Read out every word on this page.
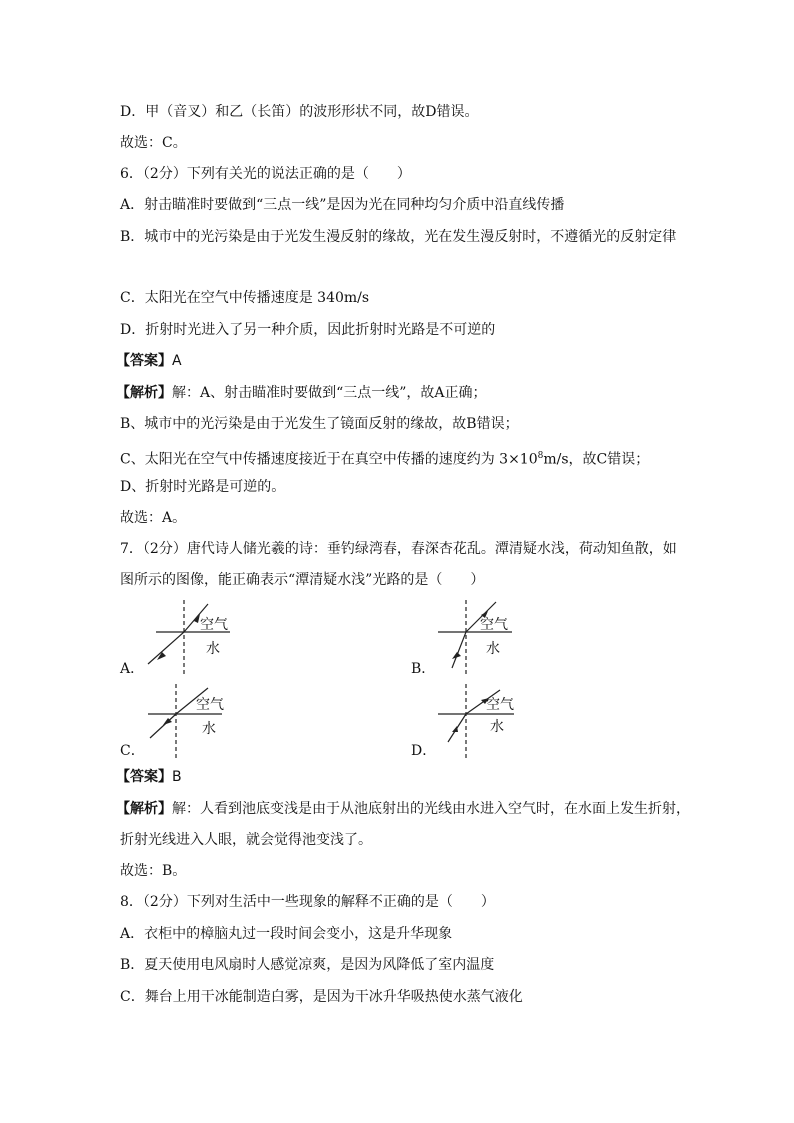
D．甲（音叉）和乙（长笛）的波形形状不同，故D错误。
故选：C。
6．（2分）下列有关光的说法正确的是（　　）
A．射击瞄准时要做到“三点一线”是因为光在同种均匀介质中沿直线传播
B．城市中的光污染是由于光发生漫反射的缘故，光在发生漫反射时，不遵循光的反射定律
C．太阳光在空气中传播速度是 340m/s
D．折射时光进入了另一种介质，因此折射时光路是不可逆的
【答案】A
【解析】解：A、射击瞄准时要做到“三点一线”，故A正确；
B、城市中的光污染是由于光发生了镜面反射的缘故，故B错误；
C、太阳光在空气中传播速度接近于在真空中传播的速度约为 $3\times 10^8m/s$，故C错误；
D、折射时光路是可逆的。
故选：A。
7．（2分）唐代诗人储光羲的诗：垂钓绿湾春，春深杏花乱。潭清疑水浅，荷动知鱼散，如
图所示的图像，能正确表示“潭清疑水浅”光路的是（　　）
A．
空气
水
B．
空气
水
C．
空气
水
D．
空气
水
【答案】B
【解析】解：人看到池底变浅是由于从池底射出的光线由水进入空气时，在水面上发生折射，
折射光线进入人眼，就会觉得池变浅了。
故选：B。
8．（2分）下列对生活中一些现象的解释不正确的是（　　）
A．衣柜中的樟脑丸过一段时间会变小，这是升华现象
B．夏天使用电风扇时人感觉凉爽，是因为风降低了室内温度
C．舞台上用干冰能制造白雾，是因为干冰升华吸热使水蒸气液化
